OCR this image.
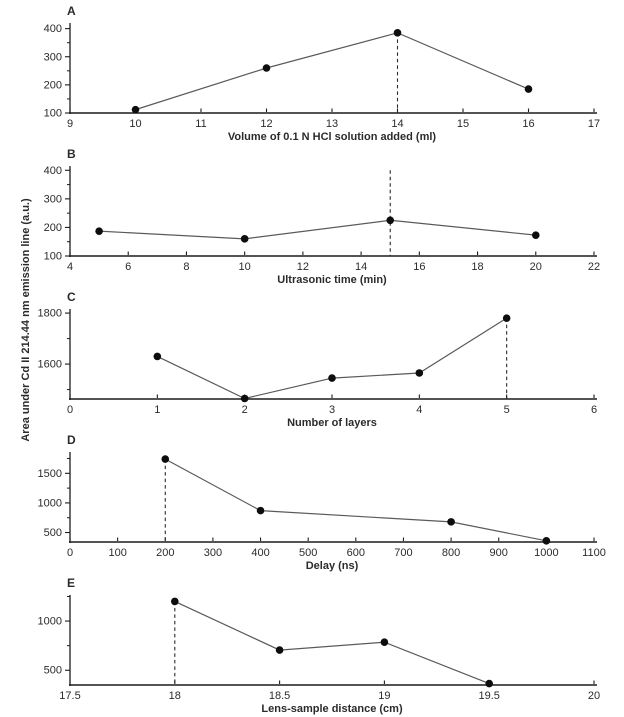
Area under Cd II 214.44 nm emission line (a.u.)
9	10	11	12	13	14	15	16	17
100
200
300
400
A
Volume of 0.1 N HCl solution added (ml)
4	6	8	10	12	14	16	18	20	22
100
200
300
400
B
Ultrasonic time (min)
0	1	2	3	4	5	6
1600
1800
C
Number of layers
0	100	200	300	400	500	600	700	800	900 1000 1100
500
1000
1500
D
Delay (ns)
17.5	18	18.5	19	19.5	20
500
1000
E
Lens-sample distance (cm)
